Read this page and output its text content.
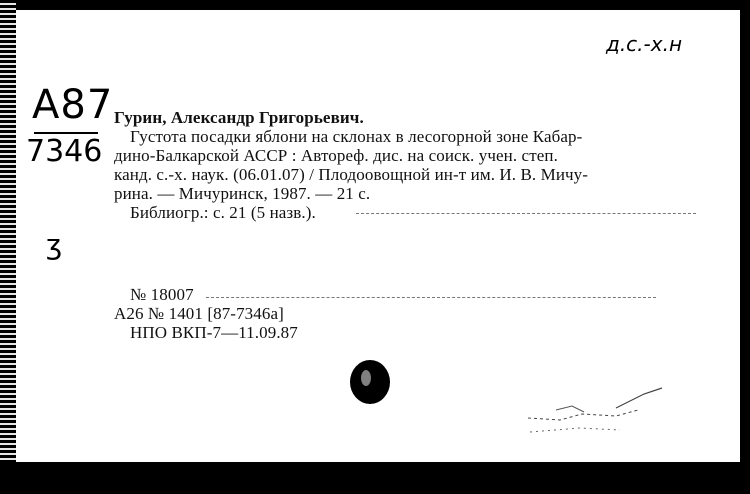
д.с.-х.н
А87
7346
ʒ
Гурин, Александр Григорьевич.
Густота посадки яблони на склонах в лесогорной зоне Кабар-
дино-Балкарской АССР : Автореф. дис. на соиск. учен. степ.
канд. с.-х. наук. (06.01.07) / Плодоовощной ин-т им. И. В. Мичу-
рина. — Мичуринск, 1987. — 21 с.
Библиогр.: с. 21 (5 назв.).
№ 18007
А26 № 1401 [87-7346а]
НПО ВКП-7—11.09.87
